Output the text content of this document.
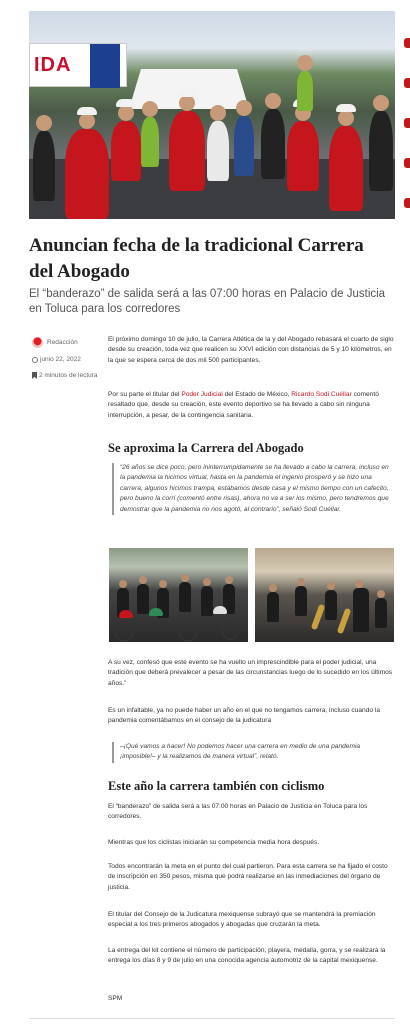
IDA
Anuncian fecha de la tradicional Carrera del Abogado

El “banderazo” de salida será a las 07:00 horas en Palacio de Justicia en Toluca para los corredores

Redacción
junio 22, 2022
2 minutos de lectura

El próximo domingo 10 de julio, la Carrera Atlética de la y del Abogado rebasará el cuarto de siglo desde su creación, toda vez que realicen su XXVI edición con distancias de 5 y 10 kilómetros, en la que se espera cerca de dos mil 500 participantes.

Por su parte el titular del Poder Judicial del Estado de México, Ricardo Sodi Cuéllar comentó resaltado que, desde su creación, este evento deportivo se ha llevado a cabo sin ninguna interrupción, a pesar, de la contingencia sanitaria.

Se aproxima la Carrera del Abogado
“26 años se dice poco, pero ininterrumpidamente se ha llevado a cabo la carrera, incluso en la pandemia la hicimos virtual, hasta en la pandemia el ingenio prosperó y se hizo una carrera, algunos hicimos trampa, estábamos desde casa y el mismo tiempo con un cafecito, pero bueno la corrí (comentó entre risas), ahora no va a ser los mismo, pero tendremos que demostrar que la pandemia no nos agotó, al contrario”, señaló Sodi Cuéllar.

A su vez, confesó que este evento se ha vuelto un imprescindible para el poder judicial, una tradición que deberá prevalecer a pesar de las circunstancias luego de lo sucedido en los últimos años.”

Es un infaltable, ya no puede haber un año en el que no tengamos carrera, incluso cuando la pandemia comentábamos en el consejo de la judicatura

–¡Qué vamos a hacer! No podemos hacer una carrera en medio de una pandemia ¡imposible!– y la realizamos de manera virtual”, relató.
Este año la carrera también con ciclismo

El “banderazo” de salida será a las 07:00 horas en Palacio de Justicia en Toluca para los corredores.

Mientras que los ciclistas iniciarán su competencia media hora después.

Todos encontrarán la meta en el punto del cual partieron. Para esta carrera se ha fijado el costo de inscripción en 350 pesos, misma que podrá realizarse en las inmediaciones del órgano de justicia.

El titular del Consejo de la Judicatura mexiquense subrayó que se mantendrá la premiación especial a los tres primeros abogados y abogadas que cruzarán la meta.

La entrega del kit contiene el número de participación, playera, medalla, gorra, y se realizará la entrega los días 8 y 9 de julio en una conocida agencia automotriz de la capital mexiquense.

SPM
